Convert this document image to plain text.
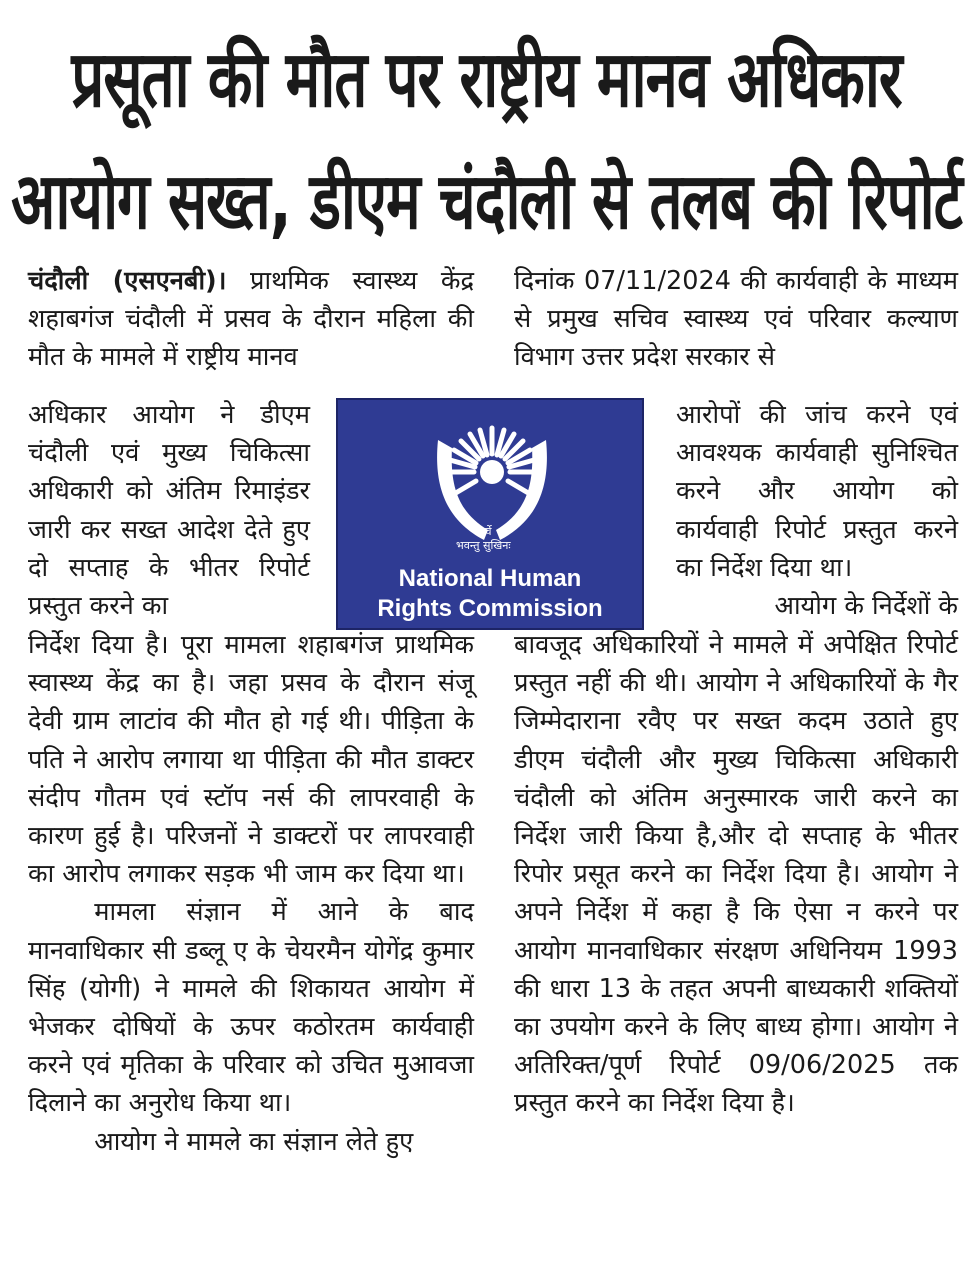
प्रसूता की मौत पर राष्ट्रीय मानव अधिकार
आयोग सख्त, डीएम चंदौली से तलब की रिपोर्ट

चंदौली (एसएनबी)। प्राथमिक स्वास्थ्य केंद्र शहाबगंज चंदौली में प्रसव के दौरान महिला की मौत के मामले में राष्ट्रीय मानव

अधिकार आयोग ने डीएम चंदौली एवं मुख्य चिकित्सा अधिकारी को अंतिम रिमाइंडर जारी कर सख्त आदेश देते हुए दो सप्ताह के भीतर रिपोर्ट प्रस्तुत करने का

निर्देश दिया है। पूरा मामला शहाबगंज प्राथमिक स्वास्थ्य केंद्र का है। जहा प्रसव के दौरान संजू देवी ग्राम लाटांव की मौत हो गई थी। पीड़िता के पति ने आरोप लगाया था पीड़िता की मौत डाक्टर संदीप गौतम एवं स्टॉप नर्स की लापरवाही के कारण हुई है। परिजनों ने डाक्टरों पर लापरवाही का आरोप लगाकर सड़क भी जाम कर दिया था।

मामला संज्ञान में आने के बाद मानवाधिकार सी डब्लू ए के चेयरमैन योगेंद्र कुमार सिंह (योगी) ने मामले की शिकायत आयोग में भेजकर दोषियों के ऊपर कठोरतम कार्यवाही करने एवं मृतिका के परिवार को उचित मुआवजा दिलाने का अनुरोध किया था।

आयोग ने मामले का संज्ञान लेते हुए

सर्वे
भवन्तु सुखिनः
National Human
Rights Commission

दिनांक 07/11/2024 की कार्यवाही के माध्यम से प्रमुख सचिव स्वास्थ्य एवं परिवार कल्याण विभाग उत्तर प्रदेश सरकार से

आरोपों की जांच करने एवं आवश्यक कार्यवाही सुनिश्चित करने और आयोग को कार्यवाही रिपोर्ट प्रस्तुत करने का निर्देश दिया था।

आयोग के निर्देशों के

बावजूद अधिकारियों ने मामले में अपेक्षित रिपोर्ट प्रस्तुत नहीं की थी। आयोग ने अधिकारियों के गैर जिम्मेदाराना रवैए पर सख्त कदम उठाते हुए डीएम चंदौली और मुख्य चिकित्सा अधिकारी चंदौली को अंतिम अनुस्मारक जारी करने का निर्देश जारी किया है,और दो सप्ताह के भीतर रिपोर प्रसूत करने का निर्देश दिया है। आयोग ने अपने निर्देश में कहा है कि ऐसा न करने पर आयोग मानवाधिकार संरक्षण अधिनियम 1993 की धारा 13 के तहत अपनी बाध्यकारी शक्तियों का उपयोग करने के लिए बाध्य होगा। आयोग ने अतिरिक्त/पूर्ण रिपोर्ट 09/06/2025 तक प्रस्तुत करने का निर्देश दिया है।
